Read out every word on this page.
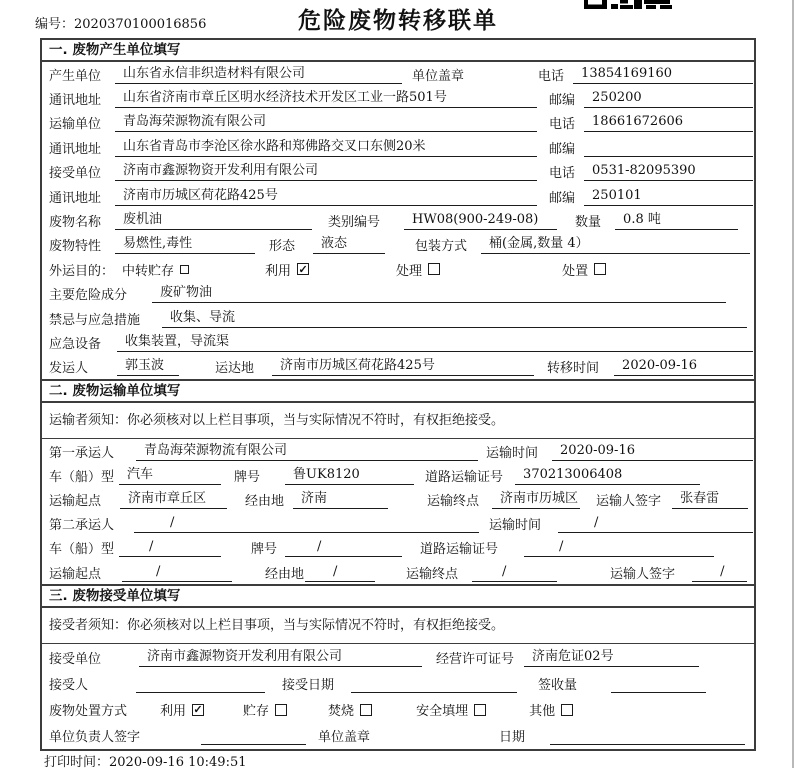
编号：2020370100016856	危险废物转移联单
一. 废物产生单位填写
产生单位	山东省永信非织造材料有限公司	单位盖章	电话	13854169160
通讯地址	山东省济南市章丘区明水经济技术开发区工业一路501号	邮编	250200
运输单位	青岛海荣源物流有限公司	电话	18661672606
通讯地址	山东省青岛市李沧区徐水路和郑佛路交叉口东侧20米	邮编
接受单位	济南市鑫源物资开发利用有限公司	电话	0531-82095390
通讯地址	济南市历城区荷花路425号	邮编	250101
废物名称	废机油	类别编号	HW08(900-249-08)	数量	0.8 吨
废物特性	易燃性,毒性	形态	液态	包装方式	桶(金属,数量 4）
外运目的： 中转贮存	利用 ✓	处理	处置
主要危险成分	废矿物油
禁忌与应急措施	收集、导流
应急设备	收集装置，导流渠
发运人	郭玉波	运达地	济南市历城区荷花路425号	转移时间	2020-09-16
二. 废物运输单位填写
运输者须知：你必须核对以上栏目事项，当与实际情况不符时，有权拒绝接受。
第一承运人	青岛海荣源物流有限公司	运输时间	2020-09-16
车（船）型	汽车	牌号	鲁UK8120	道路运输证号	370213006408
运输起点	济南市章丘区	经由地	济南	运输终点	济南市历城区 运输人签字	张春雷
第二承运人	/	运输时间	/
车（船）型	/	牌号	/	道路运输证号	/
运输起点	/	经由地	/	运输终点	/	运输人签字	/
三. 废物接受单位填写
接受者须知：你必须核对以上栏目事项，当与实际情况不符时，有权拒绝接受。
接受单位	济南市鑫源物资开发利用有限公司	经营许可证号	济南危证02号
接受人	接受日期	签收量
废物处置方式	利用 ✓	贮存	焚烧	安全填埋	其他
单位负责人签字	单位盖章	日期
打印时间：2020-09-16 10:49:51
